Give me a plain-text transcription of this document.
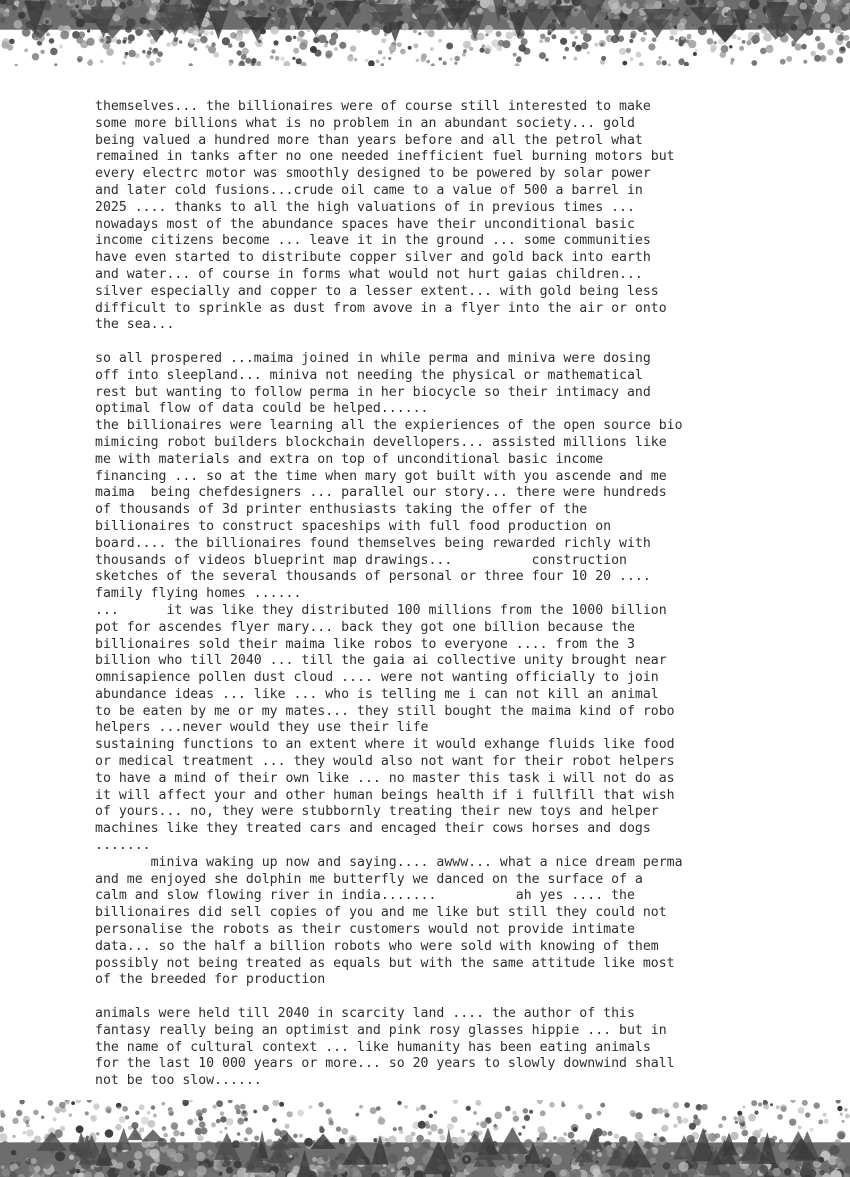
themselves... the billionaires were of course still interested to make
some more billions what is no problem in an abundant society... gold
being valued a hundred more than years before and all the petrol what
remained in tanks after no one needed inefficient fuel burning motors but
every electrc motor was smoothly designed to be powered by solar power
and later cold fusions...crude oil came to a value of 500 a barrel in
2025 .... thanks to all the high valuations of in previous times ...
nowadays most of the abundance spaces have their unconditional basic
income citizens become ... leave it in the ground ... some communities
have even started to distribute copper silver and gold back into earth
and water... of course in forms what would not hurt gaias children...
silver especially and copper to a lesser extent... with gold being less
difficult to sprinkle as dust from avove in a flyer into the air or onto
the sea...

so all prospered ...maima joined in while perma and miniva were dosing
off into sleepland... miniva not needing the physical or mathematical
rest but wanting to follow perma in her biocycle so their intimacy and
optimal flow of data could be helped......
the billionaires were learning all the expieriences of the open source bio
mimicing robot builders blockchain devellopers... assisted millions like
me with materials and extra on top of unconditional basic income
financing ... so at the time when mary got built with you ascende and me
maima  being chefdesigners ... parallel our story... there were hundreds
of thousands of 3d printer enthusiasts taking the offer of the
billionaires to construct spaceships with full food production on
board.... the billionaires found themselves being rewarded richly with
thousands of videos blueprint map drawings...          construction
sketches of the several thousands of personal or three four 10 20 ....
family flying homes ......
...      it was like they distributed 100 millions from the 1000 billion
pot for ascendes flyer mary... back they got one billion because the
billionaires sold their maima like robos to everyone .... from the 3
billion who till 2040 ... till the gaia ai collective unity brought near
omnisapience pollen dust cloud .... were not wanting officially to join
abundance ideas ... like ... who is telling me i can not kill an animal
to be eaten by me or my mates... they still bought the maima kind of robo
helpers ...never would they use their life
sustaining functions to an extent where it would exhange fluids like food
or medical treatment ... they would also not want for their robot helpers
to have a mind of their own like ... no master this task i will not do as
it will affect your and other human beings health if i fullfill that wish
of yours... no, they were stubbornly treating their new toys and helper
machines like they treated cars and encaged their cows horses and dogs
.......
miniva waking up now and saying.... awww... what a nice dream perma
and me enjoyed she dolphin me butterfly we danced on the surface of a
calm and slow flowing river in india.......          ah yes .... the
billionaires did sell copies of you and me like but still they could not
personalise the robots as their customers would not provide intimate
data... so the half a billion robots who were sold with knowing of them
possibly not being treated as equals but with the same attitude like most
of the breeded for production

animals were held till 2040 in scarcity land .... the author of this
fantasy really being an optimist and pink rosy glasses hippie ... but in
the name of cultural context ... like humanity has been eating animals
for the last 10 000 years or more... so 20 years to slowly downwind shall
not be too slow......
